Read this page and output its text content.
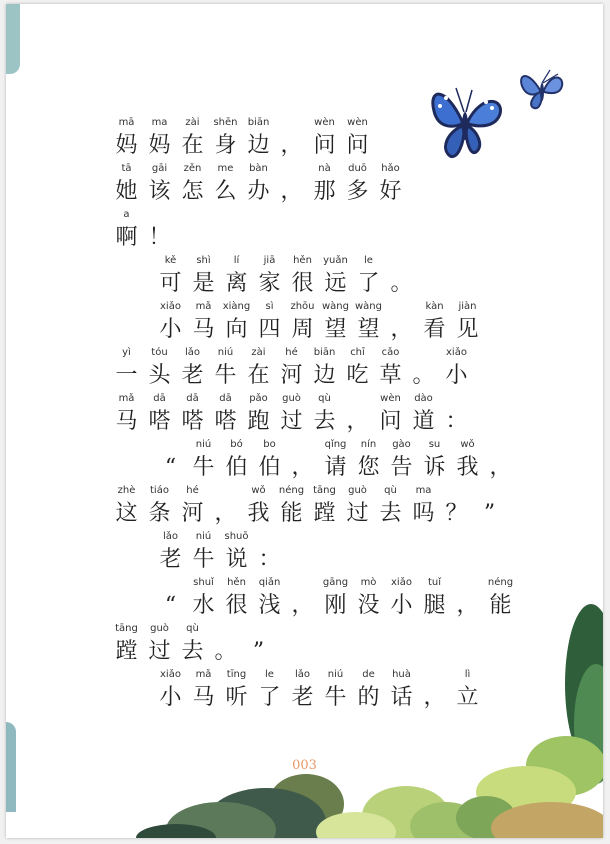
mā
妈
ma
妈
zài
在
shēn
身
biān
边 ，
wèn
问
wèn
问
tā
她
gāi
该
zěn
怎
me
么
bàn
办 ，
nà
那
duō
多
hǎo
好
a
啊 ！
kě
可
shì
是
lí
离
jiā
家
hěn
很
yuǎn
远
le
了 。
xiǎo
小
mǎ
马
xiàng
向
sì
四
zhōu
周
wàng
望
wàng
望 ，
kàn
看
jiàn
见
yì
一
tóu
头
lǎo
老
niú
牛
zài
在
hé
河
biān
边
chī
吃
cǎo
草 。
xiǎo
小
mǎ
马
dā
嗒
dā
嗒
dā
嗒
pǎo
跑
guò
过
qù
去 ，
wèn
问
dào
道 ：
“
niú
牛
bó
伯
bo
伯 ，
qǐng
请
nín
您
gào
告
su
诉
wǒ
我 ，
zhè
这
tiáo
条
hé
河 ，
wǒ
我
néng
能
tāng
蹚
guò
过
qù
去
ma
吗 ？ ”
lǎo
老
niú
牛
shuō
说 ：
“
shuǐ
水
hěn
很
qiǎn
浅 ，
gāng
刚
mò
没
xiǎo
小
tuǐ
腿 ，
néng
能
tāng
蹚
guò
过
qù
去 。 ”
xiǎo
小
mǎ
马
tīng
听
le
了
lǎo
老
niú
牛
de
的
huà
话 ，
lì
立
003
